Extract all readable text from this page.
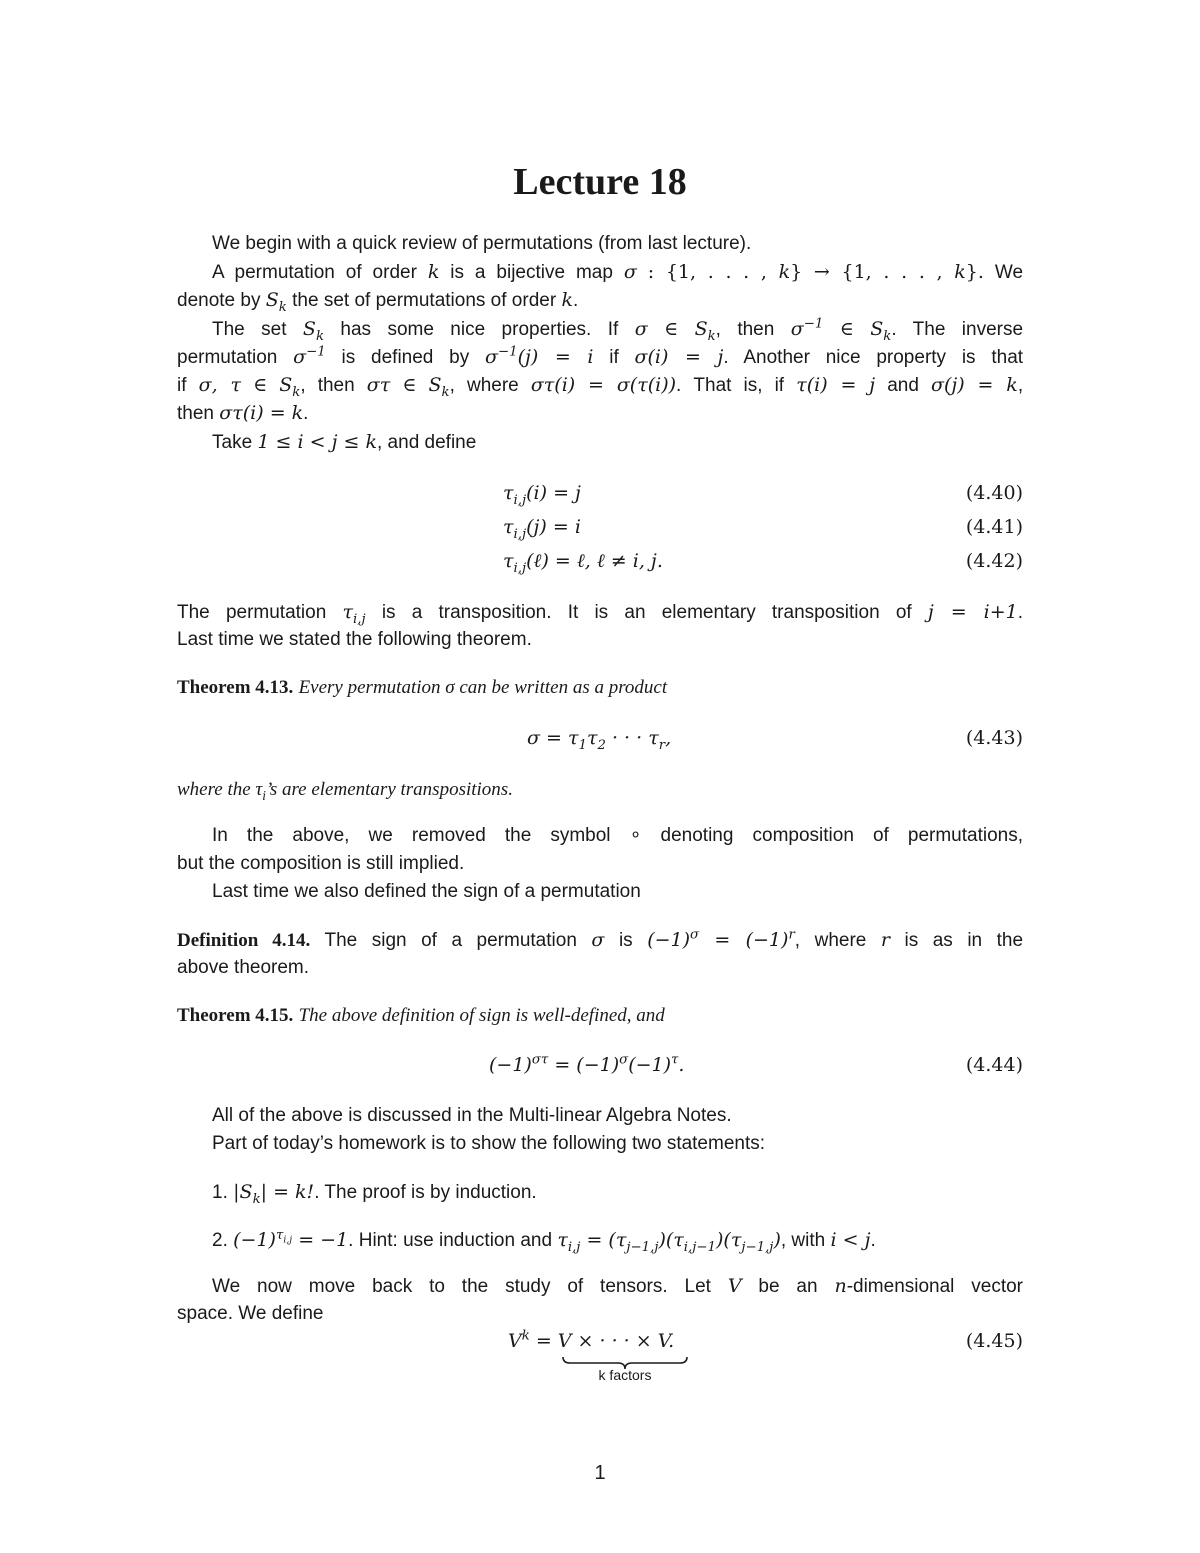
Lecture 18
We begin with a quick review of permutations (from last lecture).
A permutation of order k is a bijective map σ : {1, . . . , k} → {1, . . . , k}. We
denote by $S_k$ the set of permutations of order k.
The set $S_k$ has some nice properties. If σ ∈ $S_k$, then $\sigma^{-1}$ ∈ $S_k$. The inverse
permutation $\sigma^{-1}$ is defined by $\sigma^{-1}(j) = i$ if σ(i) = j. Another nice property is that
if σ, τ ∈ $S_k$, then στ ∈ $S_k$, where στ(i) = σ(τ(i)). That is, if τ(i) = j and σ(j) = k,
then στ(i) = k.
Take 1 ≤ i < j ≤ k, and define
$\tau_{i,j}(i) = j$	(4.40)
$\tau_{i,j}(j) = i$	(4.41)
$\tau_{i,j}(\ell)$ = ℓ, ℓ ≠ i, j.	(4.42)
The permutation $\tau_{i,j}$ is a transposition. It is an elementary transposition of j = i+1.
Last time we stated the following theorem.
Theorem 4.13. Every permutation σ can be written as a product
$\sigma = \tau_1\tau_2$ · · · $\tau_r$,	(4.43)
where the $\tau_i’s$ are elementary transpositions.
In the above, we removed the symbol ∘ denoting composition of permutations,
but the composition is still implied.
Last time we also defined the sign of a permutation
Definition 4.14. The sign of a permutation σ is $(-1)^\sigma = (-1)^r$, where r is as in the
above theorem.
Theorem 4.15. The above definition of sign is well-defined, and
$(-1)^{\sigma\tau} = (-1)^\sigma(-1)^\tau$.	(4.44)
All of the above is discussed in the Multi-linear Algebra Notes.
Part of today’s homework is to show the following two statements:
1. $|S_k| = k$!. The proof is by induction.
2. $(-1)^{\tau_{i,j}} = -1$. Hint: use induction and $\tau_{i,j} = (\tau_{j-1,j})(\tau_{i,j-1})(\tau_{j-1,j})$, with i < j.
We now move back to the study of tensors. Let V be an n-dimensional vector
space. We define
$V^k = V$ × · · · × V.
k factors
(4.45)
1
